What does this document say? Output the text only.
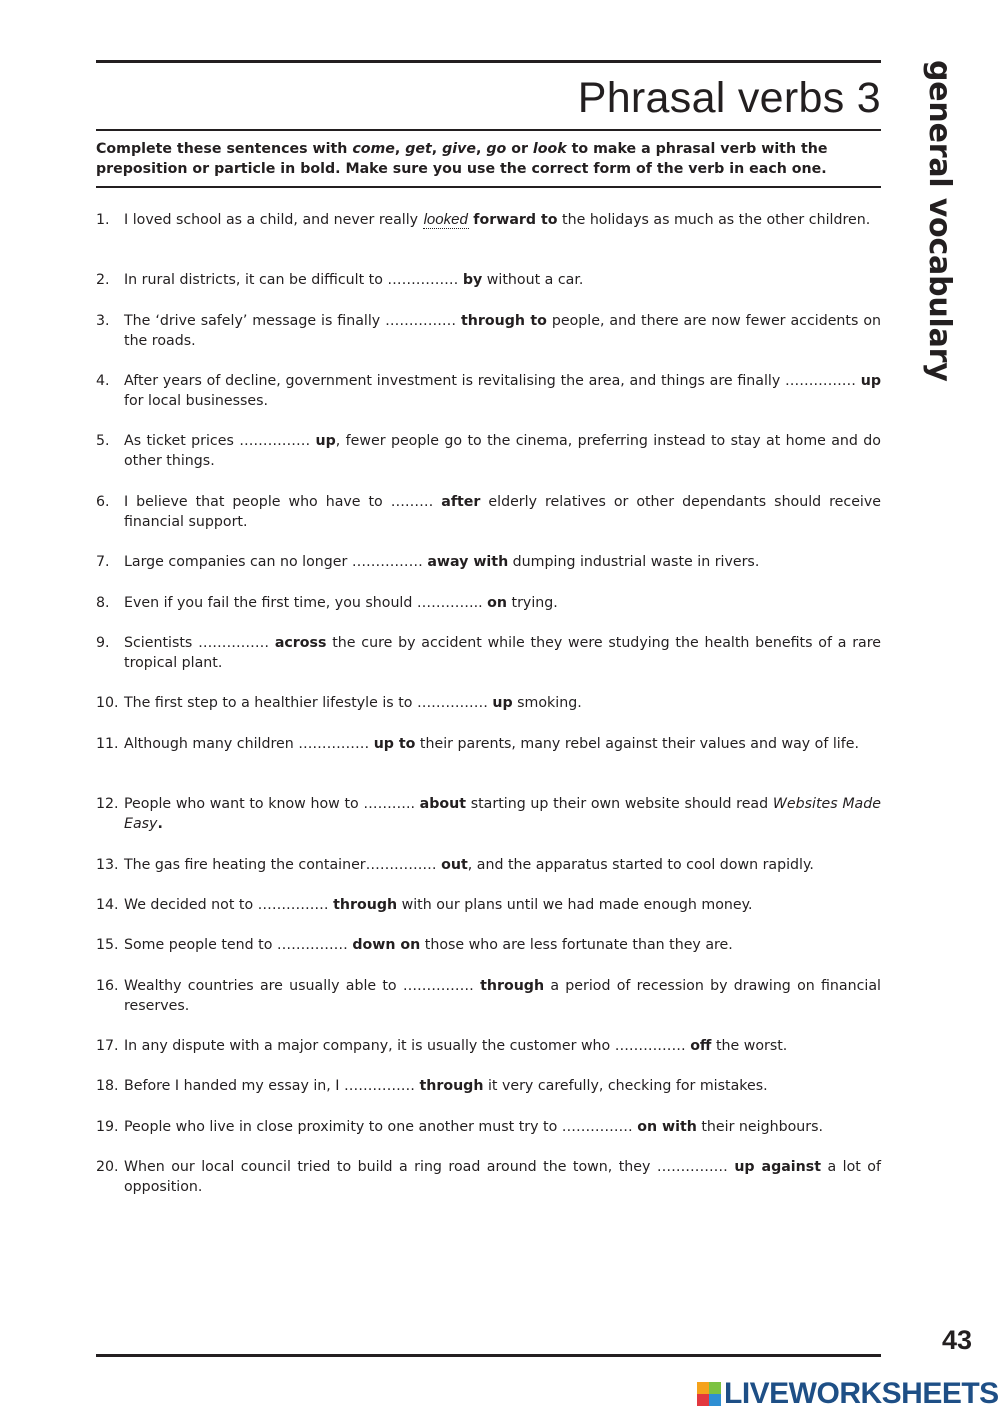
Phrasal verbs 3 general vocabulary
Complete these sentences with come, get, give, go or look to make a phrasal verb with the preposition or particle in bold. Make sure you use the correct form of the verb in each one.
1. I loved school as a child, and never really looked forward to the holidays as much as the other children.
2. In rural districts, it can be difficult to …………… by without a car.
3. The ‘drive safely’ message is finally …………… through to people, and there are now fewer accidents on the roads.
4. After years of decline, government investment is revitalising the area, and things are finally …………… up for local businesses.
5. As ticket prices …………… up, fewer people go to the cinema, preferring instead to stay at home and do other things.
6. I believe that people who have to ……… after elderly relatives or other dependants should receive financial support.
7. Large companies can no longer …………… away with dumping industrial waste in rivers.
8. Even if you fail the first time, you should ………….. on trying.
9. Scientists …………… across the cure by accident while they were studying the health benefits of a rare tropical plant.
10. The first step to a healthier lifestyle is to …………… up smoking.
11. Although many children …………… up to their parents, many rebel against their values and way of life.
12. People who want to know how to ……….. about starting up their own website should read Websites Made Easy.
13. The gas fire heating the container…………… out, and the apparatus started to cool down rapidly.
14. We decided not to …………… through with our plans until we had made enough money.
15. Some people tend to …………… down on those who are less fortunate than they are.
16. Wealthy countries are usually able to …………… through a period of recession by drawing on financial reserves.
17. In any dispute with a major company, it is usually the customer who …………… off the worst.
18. Before I handed my essay in, I …………… through it very carefully, checking for mistakes.
19. People who live in close proximity to one another must try to …………… on with their neighbours.
20. When our local council tried to build a ring road around the town, they …………… up against a lot of opposition.
43
LIVEWORKSHEETS
